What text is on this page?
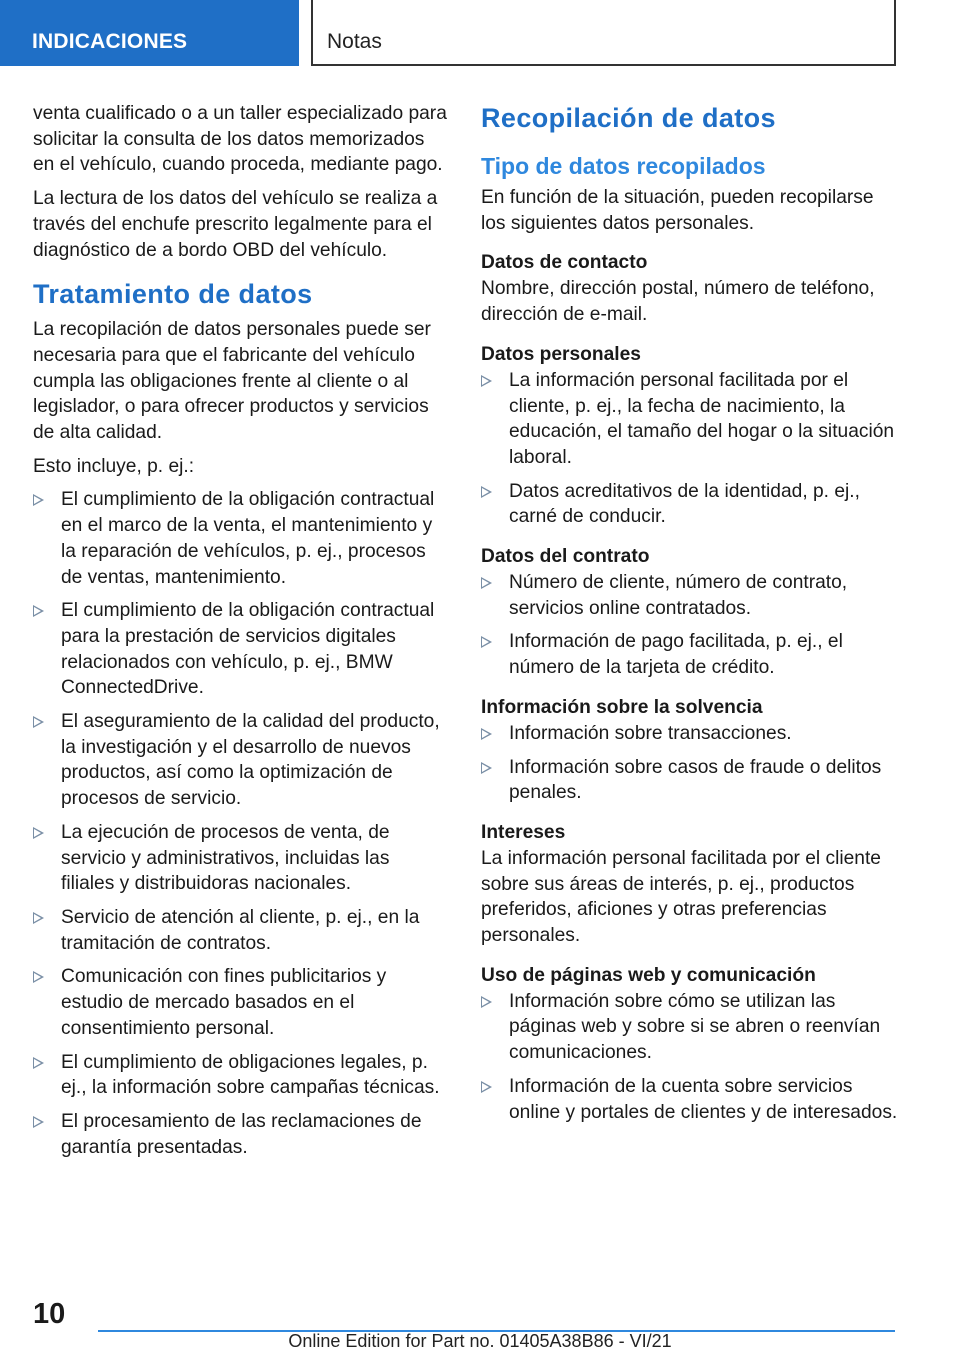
INDICACIONES	Notas

venta cualificado o a un taller especializado para solicitar la consulta de los datos memorizados en el vehículo, cuando proceda, mediante pago.

La lectura de los datos del vehículo se realiza a través del enchufe prescrito legalmente para el diagnóstico de a bordo OBD del vehículo.

Tratamiento de datos

La recopilación de datos personales puede ser necesaria para que el fabricante del vehículo cumpla las obligaciones frente al cliente o al legislador, o para ofrecer productos y servicios de alta calidad.

Esto incluye, p. ej.:

El cumplimiento de la obligación contractual en el marco de la venta, el mantenimiento y la reparación de vehículos, p. ej., procesos de ventas, mantenimiento.
El cumplimiento de la obligación contractual para la prestación de servicios digitales relacionados con vehículo, p. ej., BMW ConnectedDrive.
El aseguramiento de la calidad del producto, la investigación y el desarrollo de nuevos productos, así como la optimización de procesos de servicio.
La ejecución de procesos de venta, de servicio y administrativos, incluidas las filiales y distribuidoras nacionales.
Servicio de atención al cliente, p. ej., en la tramitación de contratos.
Comunicación con fines publicitarios y estudio de mercado basados en el consentimiento personal.
El cumplimiento de obligaciones legales, p. ej., la información sobre campañas técnicas.
El procesamiento de las reclamaciones de garantía presentadas.
Recopilación de datos
Tipo de datos recopilados

En función de la situación, pueden recopilarse los siguientes datos personales.

Datos de contacto

Nombre, dirección postal, número de teléfono, dirección de e-mail.

Datos personales
La información personal facilitada por el cliente, p. ej., la fecha de nacimiento, la educación, el tamaño del hogar o la situación laboral.
Datos acreditativos de la identidad, p. ej., carné de conducir.
Datos del contrato
Número de cliente, número de contrato, servicios online contratados.
Información de pago facilitada, p. ej., el número de la tarjeta de crédito.
Información sobre la solvencia
Información sobre transacciones.
Información sobre casos de fraude o delitos penales.
Intereses

La información personal facilitada por el cliente sobre sus áreas de interés, p. ej., productos preferidos, aficiones y otras preferencias personales.

Uso de páginas web y comunicación
Información sobre cómo se utilizan las páginas web y sobre si se abren o reenvían comunicaciones.
Información de la cuenta sobre servicios online y portales de clientes y de interesados.
10
Online Edition for Part no. 01405A38B86 - VI/21
